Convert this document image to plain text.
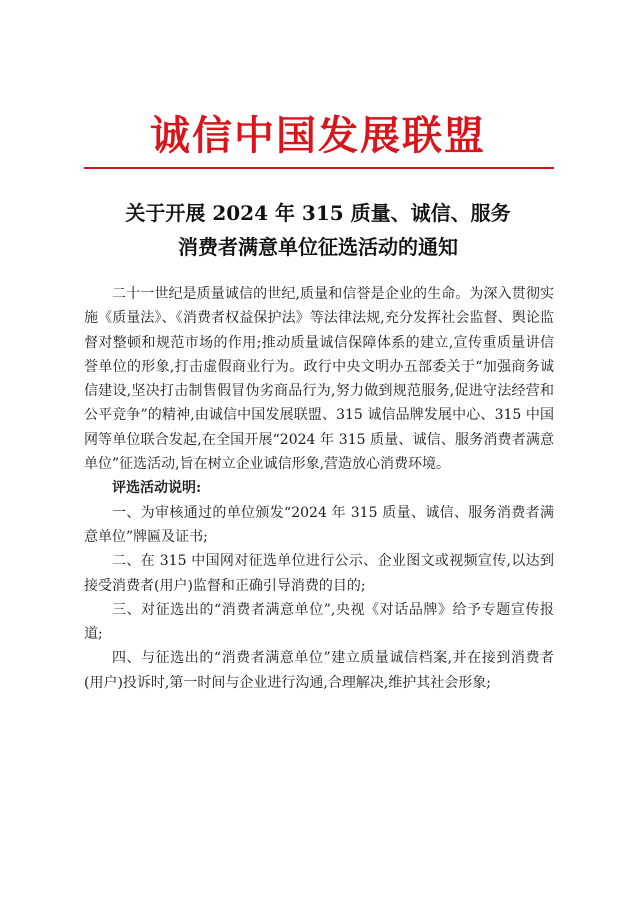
诚信中国发展联盟
关于开展 2024 年 315 质量、诚信、服务
消费者满意单位征选活动的通知

二十一世纪是质量诚信的世纪,质量和信誉是企业的生命。为深入贯彻实施《质量法》、《消费者权益保护法》等法律法规,充分发挥社会监督、舆论监督对整顿和规范市场的作用;推动质量诚信保障体系的建立,宣传重质量讲信誉单位的形象,打击虚假商业行为。政行中央文明办五部委关于“加强商务诚信建设,坚决打击制售假冒伪劣商品行为,努力做到规范服务,促进守法经营和公平竞争”的精神,由诚信中国发展联盟、315 诚信品牌发展中心、315 中国网等单位联合发起,在全国开展“2024 年 315 质量、诚信、服务消费者满意单位”征选活动,旨在树立企业诚信形象,营造放心消费环境。

评选活动说明:

一、为审核通过的单位颁发“2024 年 315 质量、诚信、服务消费者满意单位”牌匾及证书;

二、在 315 中国网对征选单位进行公示、企业图文或视频宣传,以达到接受消费者(用户)监督和正确引导消费的目的;

三、对征选出的“消费者满意单位”,央视《对话品牌》给予专题宣传报道;

四、与征选出的“消费者满意单位”建立质量诚信档案,并在接到消费者(用户)投诉时,第一时间与企业进行沟通,合理解决,维护其社会形象;
